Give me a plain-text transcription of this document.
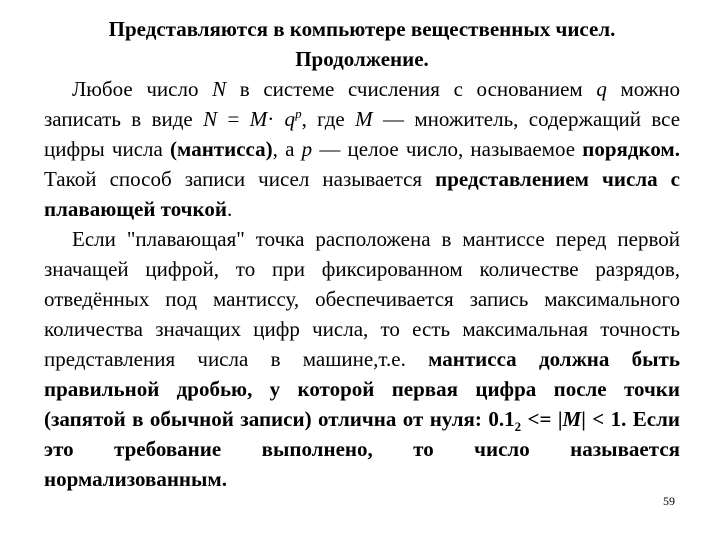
Представляются в компьютере вещественных чисел.
Продолжение.

Любое число N в системе счисления с основанием q можно записать в виде $N = M\cdot q^p$, где M — множитель, содержащий все цифры числа (мантисса), а p — целое число, называемое порядком. Такой способ записи чисел называется представлением числа с плавающей точкой.

Если "плавающая" точка расположена в мантиссе перед первой значащей цифрой, то при фиксированном количестве разрядов, отведённых под мантиссу, обеспечивается запись максимального количества значащих цифр числа, то есть максимальная точность представления числа в машине,т.е. мантисса должна быть правильной дробью, у которой первая цифра после точки (запятой в обычной записи) отлична от нуля: $0.1_2 <= |M| < 1$. Если это требование выполнено, то число называется нормализованным.

59
